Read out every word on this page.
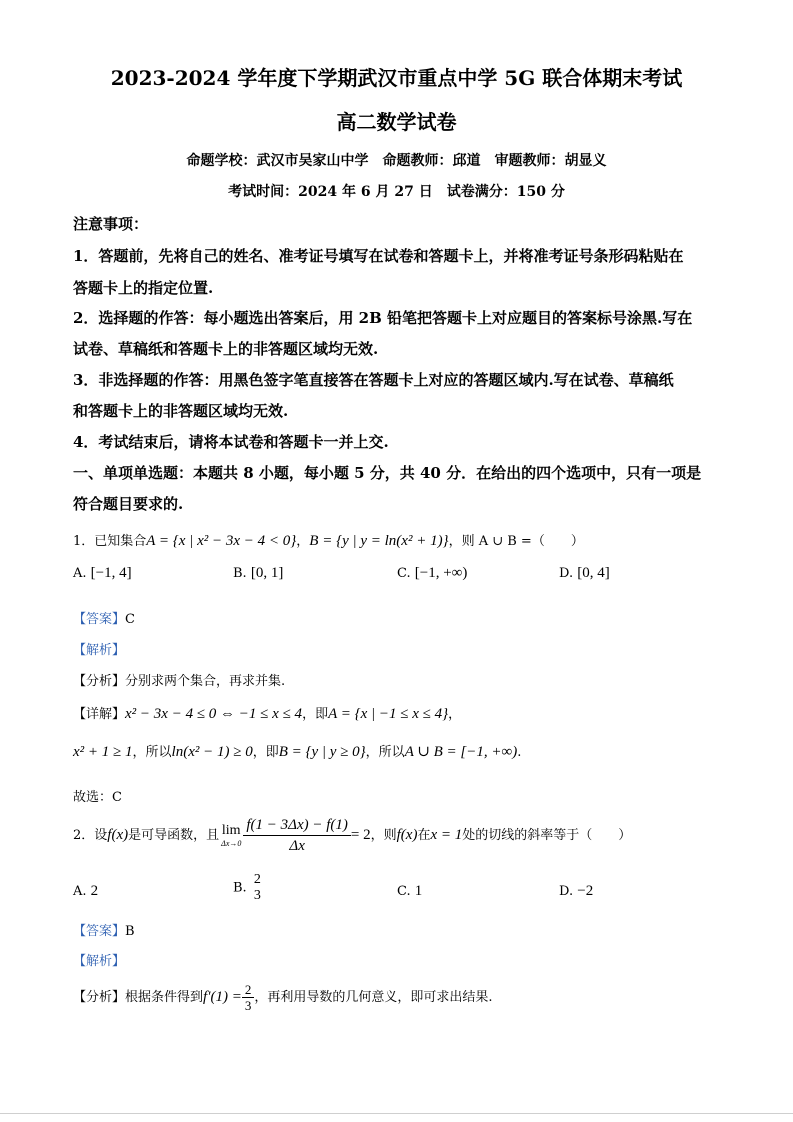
2023-2024 学年度下学期武汉市重点中学 5G 联合体期末考试
高二数学试卷
命题学校：武汉市吴家山中学　命题教师：邱道　审题教师：胡显义
考试时间：2024 年 6 月 27 日　试卷满分：150 分
注意事项：
1．答题前，先将自己的姓名、准考证号填写在试卷和答题卡上，并将准考证号条形码粘贴在
答题卡上的指定位置.
2．选择题的作答：每小题选出答案后，用 2B 铅笔把答题卡上对应题目的答案标号涂黑.写在
试卷、草稿纸和答题卡上的非答题区域均无效.
3．非选择题的作答：用黑色签字笔直接答在答题卡上对应的答题区域内.写在试卷、草稿纸
和答题卡上的非答题区域均无效.
4．考试结束后，请将本试卷和答题卡一并上交.
一、单项单选题：本题共 8 小题，每小题 5 分，共 40 分．在给出的四个选项中，只有一项是
符合题目要求的.
1．已知集合A = {x | x² − 3x − 4 < 0}，B = {y | y = ln(x² + 1)}，则 A ∪ B =（　　）
A. [−1, 4]	B. [0, 1]	C. [−1, +∞)	D. [0, 4]
【答案】C
【解析】
【分析】分别求两个集合，再求并集.
【详解】x² − 3x − 4 ≤ 0 ⇔ −1 ≤ x ≤ 4，即A = {x | −1 ≤ x ≤ 4}，
x² + 1 ≥ 1，所以ln(x² − 1) ≥ 0，即B = {y | y ≥ 0}，所以A ∪ B = [−1, +∞).
故选：C
2．设f(x)是可导函数，且 lim
$\Delta x\to 0 \frac{f(1 - 3\Delta x) - f(1)}{\Delta x} = 2$，则f(x)在x = 1处的切线的斜率等于（　　）
A. 2	B.
2
3	C. 1	D. −2
【答案】B
【解析】
【分析】根据条件得到$f'(1) = \frac{2}{3}$ ，再利用导数的几何意义，即可求出结果.
